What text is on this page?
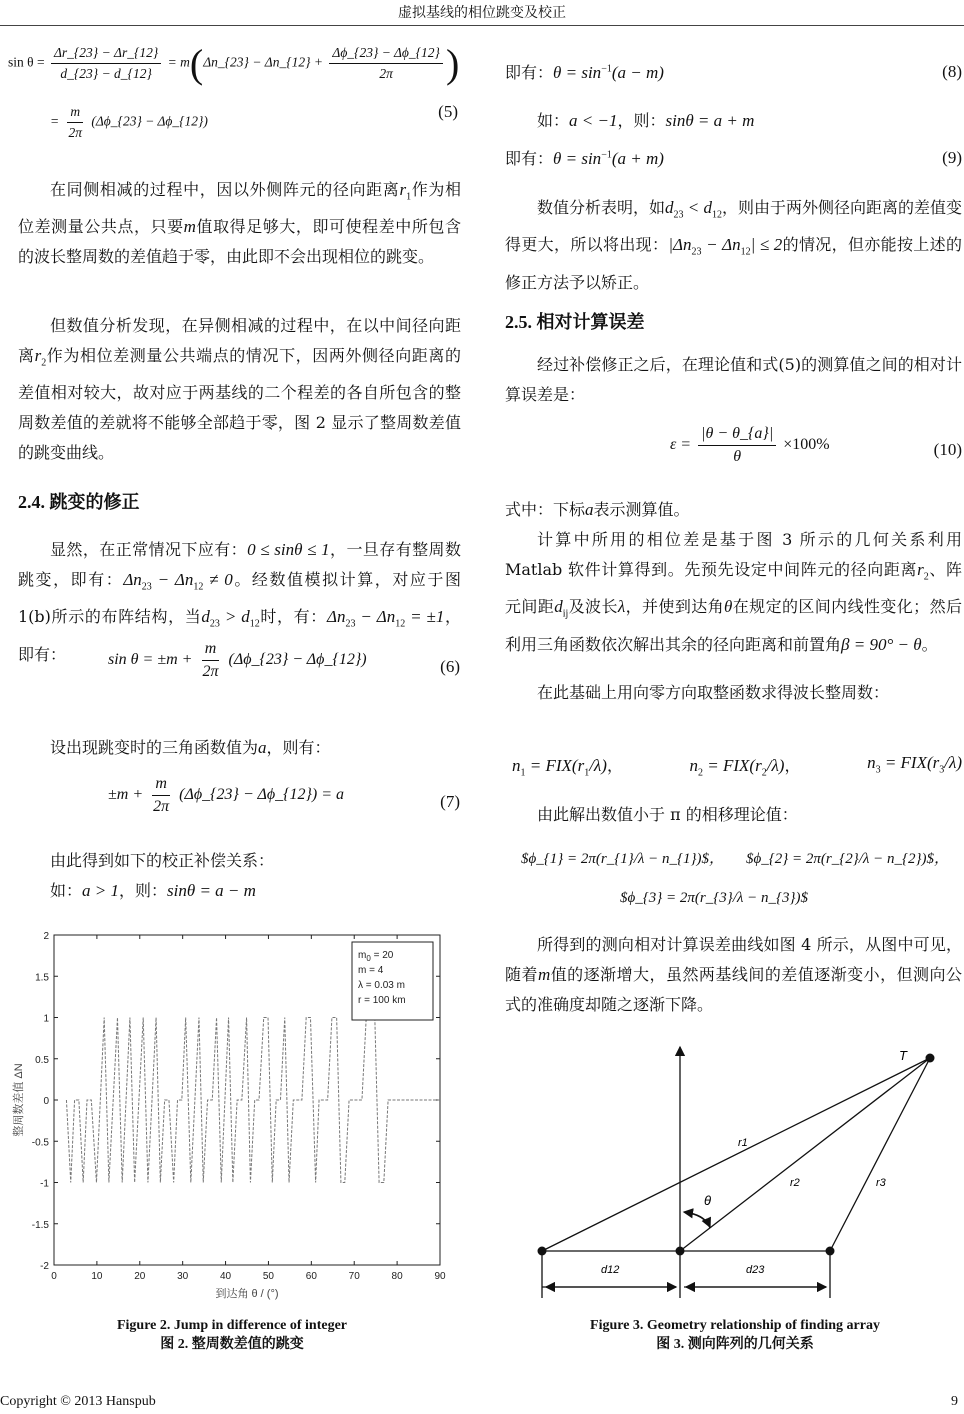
虚拟基线的相位跳变及校正
$\sin \theta = \frac{\Delta r\_\{23\} - \Delta r\_\{12\}}{d\_\{23\} - d\_\{12\}}$ = m(Δn_{23} − Δn_{12} + $\frac{\Delta\phi\_\{23\} - \Delta\phi\_\{12\}}{2\pi}$ )
= $\frac{m}{2\pi}$ (Δϕ_{23} − Δϕ_{12})
(5)

在同侧相减的过程中，因以外侧阵元的径向距离$r_1$作为相位差测量公共点，只要m值取得足够大，即可使程差中所包含的波长整周数的差值趋于零，由此即不会出现相位的跳变。

但数值分析发现，在异侧相减的过程中，在以中间径向距离$r_2$作为相位差测量公共端点的情况下，因两外侧径向距离的差值相对较大，故对应于两基线的二个程差的各自所包含的整周数差值的差就将不能够全部趋于零，图 2 显示了整周数差值的跳变曲线。

2.4. 跳变的修正

显然，在正常情况下应有：0 ≤ sinθ ≤ 1，一旦存有整周数跳变，即有：$\Delta n_{23} - \Delta n_{12} \ne 0$。经数值模拟计算，对应于图 1(b)所示的布阵结构，当$d_{23} > d_{12}$时，有：$\Delta n_{23} - \Delta n_{12} = \pm 1$，即有：	$\sin \theta = \pm m + \frac{m}{2\pi}$ (Δϕ_{23} − Δϕ_{12})	(6)

设出现跳变时的三角函数值为a，则有：

$\pm m + \frac{m}{2\pi}$ (Δϕ_{23} − Δϕ_{12}) = a	(7)

由此得到如下的校正补偿关系：

如：a > 1，则：sinθ = a − m

0	10	20	30	40	50	60	70	80	90
-2
-1.5
-1
-0.5
0
0.5
1
1.5
2
到达角 θ / (°)
整周数差值 ΔN
$m_0 = 20$
m = 4
λ = 0.03 m
r = 100 km
Figure 2. Jump in difference of integer
图 2. 整周数差值的跳变
即有：$\theta = \sin^{-1}(a - m)$	(8)

如：a < −1，则：sinθ = a + m

即有：$\theta = \sin^{-1}(a + m)$	(9)

数值分析表明，如$d_{23} < d_{12}$，则由于两外侧径向距离的差值变得更大，所以将出现：$|\Delta n_{23} - \Delta n_{12}| \le 2$的情况，但亦能按上述的修正方法予以矫正。

2.5. 相对计算误差

经过补偿修正之后，在理论值和式(5)的测算值之间的相对计算误差是：

$\varepsilon = \frac{|\theta - \theta\_\{a\}|}{\theta} \times 100\%$	(10)

式中：下标a表示测算值。

计算中所用的相位差是基于图 3 所示的几何关系利用 Matlab 软件计算得到。先预先设定中间阵元的径向距离$r_2$、阵元间距$d_{ij}$及波长λ，并使到达角θ在规定的区间内线性变化；然后利用三角函数依次解出其余的径向距离和前置角β = 90° − θ。

在此基础上用向零方向取整函数求得波长整周数：

$n_1 = FIX(r_1/\lambda)$，	$n_2 = FIX(r_2/\lambda)$，	$n_3 = FIX(r_3/\lambda)$

由此解出数值小于 π 的相移理论值：

$ϕ_{1} = 2π(r_{1}/λ − n_{1})$， $ϕ_{2} = 2π(r_{2}/λ − n_{2})$，
$ϕ_{3} = 2π(r_{3}/λ − n_{3})$

所得到的测向相对计算误差曲线如图 4 所示，从图中可见，随着m值的逐渐增大，虽然两基线间的差值逐渐变小，但测向公式的准确度却随之逐渐下降。

T
r1
r2	r3
θ
d12	d23
Figure 3. Geometry relationship of finding array
图 3. 测向阵列的几何关系
Copyright © 2013 Hanspub	9
